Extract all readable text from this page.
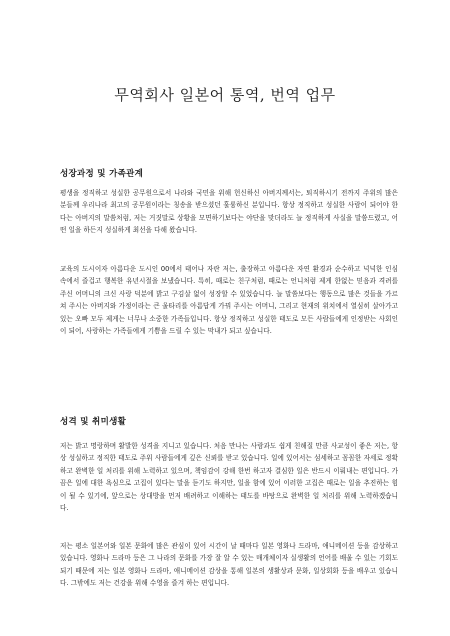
무역회사 일본어 통역, 번역 업무
성장과정 및 가족관계

평생을 정직하고 성실한 공무원으로서 나라와 국민을 위해 헌신하신 아버지께서는, 퇴직하시기 전까지 주위의 많은 분들께 우리나라 최고의 공무원이라는 칭송을 받으셨던 훌륭하신 분입니다. 항상 정직하고 성실한 사람이 되어야 한다는 아버지의 말씀처럼, 저는 거짓말로 상황을 모면하기보다는 야단을 맞더라도 늘 정직하게 사실을 말씀드렸고, 어떤 일을 하든지 성실하게 최선을 다해 왔습니다.

교육의 도시이자 아름다운 도시인 00에서 태어나 자란 저는, 출장하고 아름다운 자연 환경과 순수하고 넉넉한 인심 속에서 즐겁고 행복한 유년시절을 보냈습니다. 특히, 때로는 친구처럼, 때로는 언니처럼 제게 한없는 믿음과 격려를 주신 어머니의 크신 사랑 덕분에 밝고 구김살 없이 성장할 수 있었습니다. 늘 말씀보다는 행동으로 많은 것들을 가르쳐 주시는 아버지와 가정이라는 큰 울타리를 아름답게 가꿔 주시는 어머니, 그리고 현재의 위치에서 열심히 살아가고 있는 오빠 모두 제게는 너무나 소중한 가족들입니다. 항상 정직하고 성실한 태도로 모든 사람들에게 인정받는 사회인이 되어, 사랑하는 가족들에게 기쁨을 드릴 수 있는 막내가 되고 싶습니다.

성격 및 취미생활

저는 밝고 명랑하며 활발한 성격을 지니고 있습니다. 처음 만나는 사람과도 쉽게 친해질 만큼 사교성이 좋은 저는, 항상 성실하고 정직한 태도로 주위 사람들에게 깊은 신뢰를 받고 있습니다. 일에 있어서는 섬세하고 꼼꼼한 자세로 정확하고 완벽한 일 처리를 위해 노력하고 있으며, 책임감이 강해 한번 하고자 결심한 일은 반드시 이뤄내는 편입니다. 가끔은 일에 대한 욕심으로 고집이 있다는 말을 듣기도 하지만, 일을 함에 있어 이러한 고집은 때로는 일을 추진하는 힘이 될 수 있기에, 앞으로는 상대방을 먼저 배려하고 이해하는 태도를 바탕으로 완벽한 일 처리를 위해 노력하겠습니다.

저는 평소 일본어와 일본 문화에 많은 관심이 있어 시간이 날 때마다 일본 영화나 드라마, 애니메이션 등을 감상하고 있습니다. 영화나 드라마 등은 그 나라의 문화를 가장 잘 알 수 있는 매개체이자 실생활의 언어를 배울 수 있는 기회도 되기 때문에 저는 일본 영화나 드라마, 애니메이션 감상을 통해 일본의 생활상과 문화, 일상회화 등을 배우고 있습니다. 그밖에도 저는 건강을 위해 수영을 즐겨 하는 편입니다.
